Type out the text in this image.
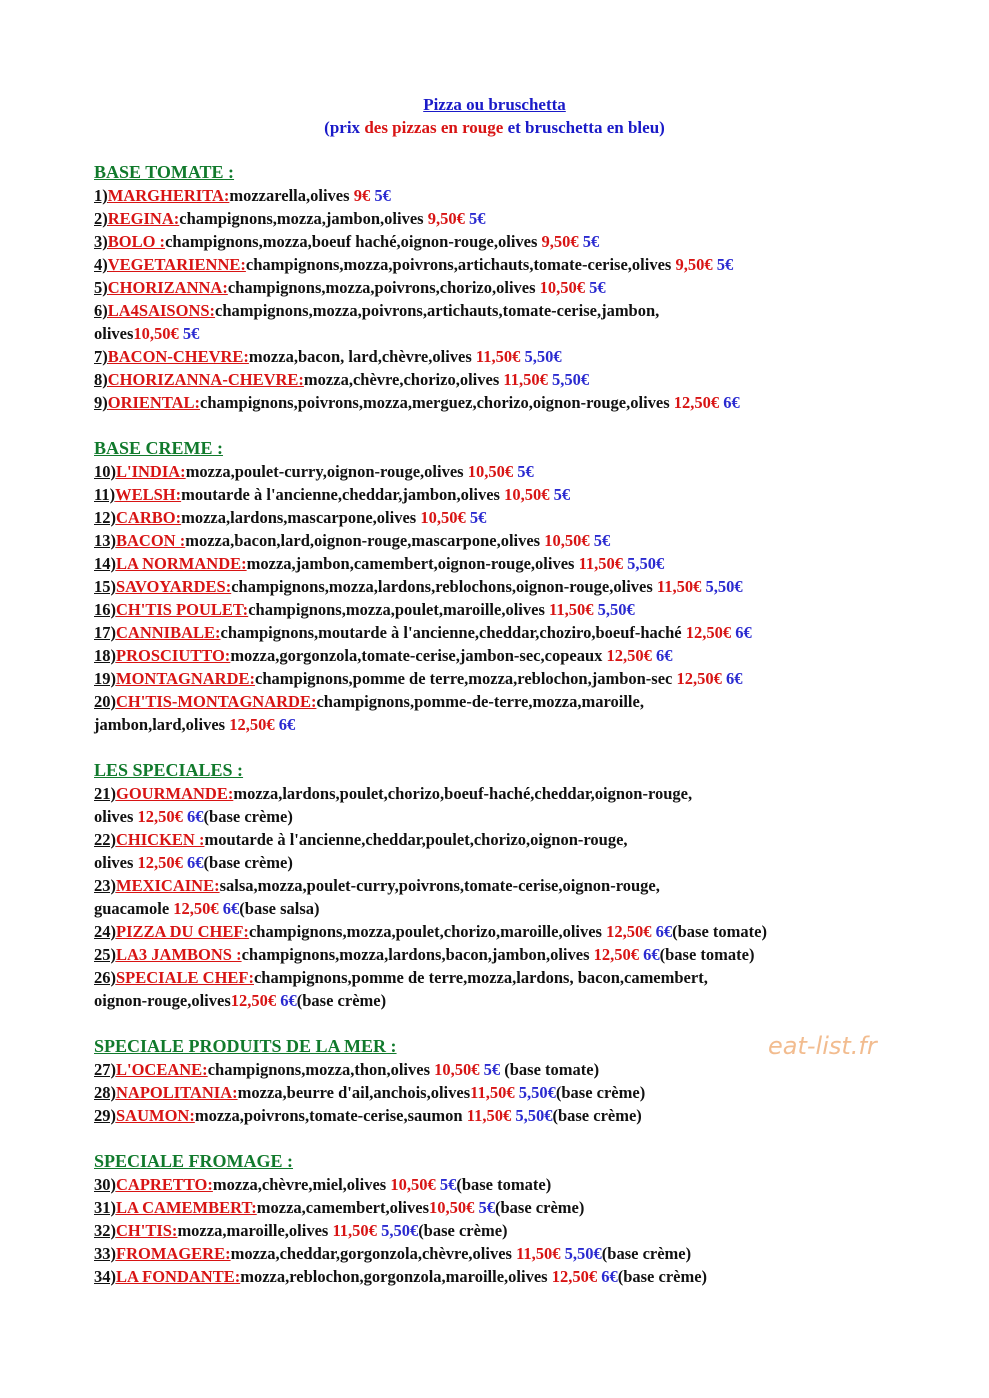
Pizza ou bruschetta
(prix des pizzas en rouge et bruschetta en bleu)
BASE TOMATE :
1)MARGHERITA:mozzarella,olives 9€ 5€
2)REGINA:champignons,mozza,jambon,olives 9,50€ 5€
3)BOLO :champignons,mozza,boeuf haché,oignon-rouge,olives 9,50€ 5€
4)VEGETARIENNE:champignons,mozza,poivrons,artichauts,tomate-cerise,olives 9,50€ 5€
5)CHORIZANNA:champignons,mozza,poivrons,chorizo,olives 10,50€ 5€
6)LA4SAISONS:champignons,mozza,poivrons,artichauts,tomate-cerise,jambon,
olives10,50€ 5€
7)BACON-CHEVRE:mozza,bacon, lard,chèvre,olives 11,50€ 5,50€
8)CHORIZANNA-CHEVRE:mozza,chèvre,chorizo,olives 11,50€ 5,50€
9)ORIENTAL:champignons,poivrons,mozza,merguez,chorizo,oignon-rouge,olives 12,50€ 6€
BASE CREME :
10)L'INDIA:mozza,poulet-curry,oignon-rouge,olives 10,50€ 5€
11)WELSH:moutarde à l'ancienne,cheddar,jambon,olives 10,50€ 5€
12)CARBO:mozza,lardons,mascarpone,olives 10,50€ 5€
13)BACON :mozza,bacon,lard,oignon-rouge,mascarpone,olives 10,50€ 5€
14)LA NORMANDE:mozza,jambon,camembert,oignon-rouge,olives 11,50€ 5,50€
15)SAVOYARDES:champignons,mozza,lardons,reblochons,oignon-rouge,olives 11,50€ 5,50€
16)CH'TIS POULET:champignons,mozza,poulet,maroille,olives 11,50€ 5,50€
17)CANNIBALE:champignons,moutarde à l'ancienne,cheddar,choziro,boeuf-haché 12,50€ 6€
18)PROSCIUTTO:mozza,gorgonzola,tomate-cerise,jambon-sec,copeaux 12,50€ 6€
19)MONTAGNARDE:champignons,pomme de terre,mozza,reblochon,jambon-sec 12,50€ 6€
20)CH'TIS-MONTAGNARDE:champignons,pomme-de-terre,mozza,maroille,
jambon,lard,olives 12,50€ 6€
LES SPECIALES :
21)GOURMANDE:mozza,lardons,poulet,chorizo,boeuf-haché,cheddar,oignon-rouge,
olives 12,50€ 6€(base crème)
22)CHICKEN :moutarde à l'ancienne,cheddar,poulet,chorizo,oignon-rouge,
olives 12,50€ 6€(base crème)
23)MEXICAINE:salsa,mozza,poulet-curry,poivrons,tomate-cerise,oignon-rouge,
guacamole 12,50€ 6€(base salsa)
24)PIZZA DU CHEF:champignons,mozza,poulet,chorizo,maroille,olives 12,50€ 6€(base tomate)
25)LA3 JAMBONS :champignons,mozza,lardons,bacon,jambon,olives 12,50€ 6€(base tomate)
26)SPECIALE CHEF:champignons,pomme de terre,mozza,lardons, bacon,camembert,
oignon-rouge,olives12,50€ 6€(base crème)
SPECIALE PRODUITS DE LA MER :
27)L'OCEANE:champignons,mozza,thon,olives 10,50€ 5€ (base tomate)
28)NAPOLITANIA:mozza,beurre d'ail,anchois,olives11,50€ 5,50€(base crème)
29)SAUMON:mozza,poivrons,tomate-cerise,saumon 11,50€ 5,50€(base crème)
SPECIALE FROMAGE :
30)CAPRETTO:mozza,chèvre,miel,olives 10,50€ 5€(base tomate)
31)LA CAMEMBERT:mozza,camembert,olives10,50€ 5€(base crème)
32)CH'TIS:mozza,maroille,olives 11,50€ 5,50€(base crème)
33)FROMAGERE:mozza,cheddar,gorgonzola,chèvre,olives 11,50€ 5,50€(base crème)
34)LA FONDANTE:mozza,reblochon,gorgonzola,maroille,olives 12,50€ 6€(base crème)
eat-list.fr
